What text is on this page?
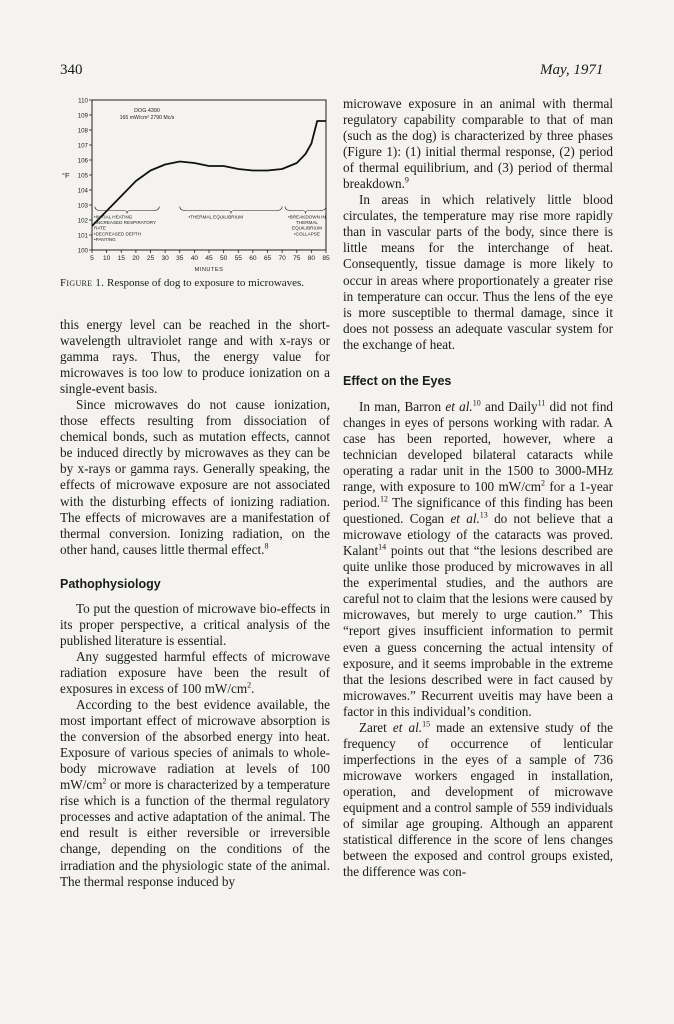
340	May, 1971
100
101
102
103
104
105
106
107
108
109
110
5 10 15 20 25 30 35 40 45 50 55 60 65 70 75 80 85
MINUTES
°F
DOG 4390
165 mW/cm² 2790 Mc/s
•INITIAL HEATING
•INCREASED RESPIRATORY
RATE
•DECREASED DEPTH
•PANTING
•THERMAL EQUILIBRIUM	•BREAKDOWN IN
THERMAL
EQUILIBRIUM
•COLLAPSE
Figure 1. Response of dog to exposure to microwaves.

this energy level can be reached in the short-wavelength ultraviolet range and with x-rays or gamma rays. Thus, the energy value for microwaves is too low to produce ionization on a single-event basis.

Since microwaves do not cause ionization, those effects resulting from dissociation of chemical bonds, such as mutation effects, cannot be induced directly by microwaves as they can be by x-rays or gamma rays. Generally speaking, the effects of microwave exposure are not associated with the disturbing effects of ionizing radiation. The effects of microwaves are a manifestation of thermal conversion. Ionizing radiation, on the other hand, causes little thermal effect.$^8$

Pathophysiology

To put the question of microwave bio-effects in its proper perspective, a critical analysis of the published literature is essential.

Any suggested harmful effects of microwave radiation exposure have been the result of exposures in excess of 100 $mW/cm^2$.

According to the best evidence available, the most important effect of microwave absorption is the conversion of the absorbed energy into heat. Exposure of various species of animals to whole-body microwave radiation at levels of 100 $mW/cm^2$ or more is characterized by a temperature rise which is a function of the thermal regulatory processes and active adaptation of the animal. The end result is either reversible or irreversible change, depending on the conditions of the irradiation and the physiologic state of the animal. The thermal response induced by

microwave exposure in an animal with thermal regulatory capability comparable to that of man (such as the dog) is characterized by three phases (Figure 1): (1) initial thermal response, (2) period of thermal equilibrium, and (3) period of thermal breakdown.$^9$

In areas in which relatively little blood circulates, the temperature may rise more rapidly than in vascular parts of the body, since there is little means for the interchange of heat. Consequently, tissue damage is more likely to occur in areas where proportionately a greater rise in temperature can occur. Thus the lens of the eye is more susceptible to thermal damage, since it does not possess an adequate vascular system for the exchange of heat.

Effect on the Eyes

In man, Barron et al.$^{10}$ and Daily$^{11}$ did not find changes in eyes of persons working with radar. A case has been reported, however, where a technician developed bilateral cataracts while operating a radar unit in the 1500 to 3000-MHz range, with exposure to 100 $mW/cm^2$ for a 1-year period.$^{12}$ The significance of this finding has been questioned. Cogan et al.$^{13}$ do not believe that a microwave etiology of the cataracts was proved. Kalant$^{14}$ points out that “the lesions described are quite unlike those produced by microwaves in all the experimental studies, and the authors are careful not to claim that the lesions were caused by microwaves, but merely to urge caution.” This “report gives insufficient information to permit even a guess concerning the actual intensity of exposure, and it seems improbable in the extreme that the lesions described were in fact caused by microwaves.” Recurrent uveitis may have been a factor in this individual’s condition.

Zaret et al.$^{15}$ made an extensive study of the frequency of occurrence of lenticular imperfections in the eyes of a sample of 736 microwave workers engaged in installation, operation, and development of microwave equipment and a control sample of 559 individuals of similar age grouping. Although an apparent statistical difference in the score of lens changes between the exposed and control groups existed, the difference was con-
